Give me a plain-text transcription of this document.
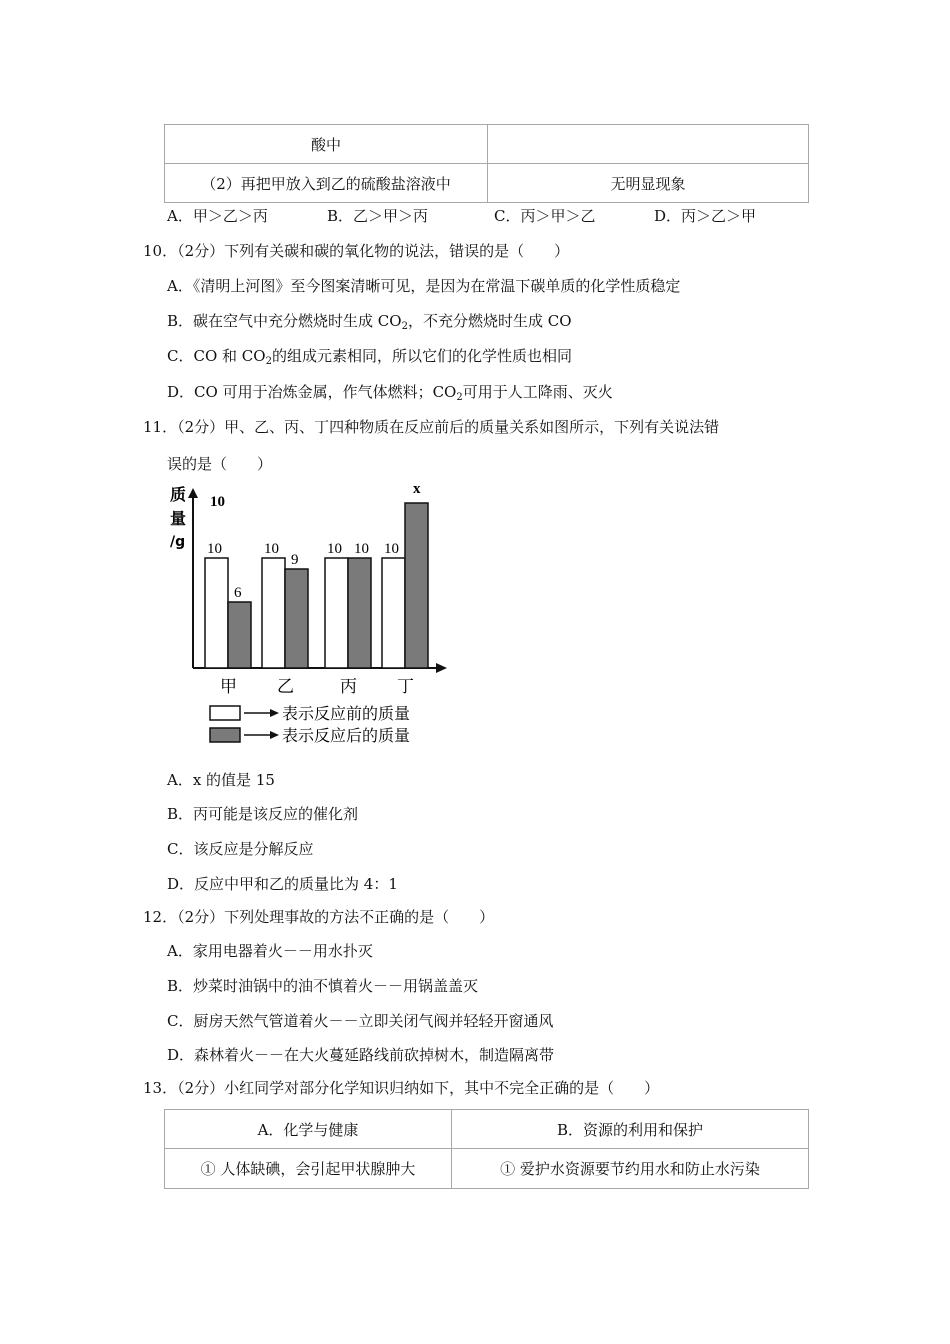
酸中	
（2）再把甲放入到乙的硫酸盐溶液中	无明显现象
A．甲＞乙＞丙	B．乙＞甲＞丙	C．丙＞甲＞乙	D．丙＞乙＞甲
10．（2分）下列有关碳和碳的氧化物的说法，错误的是（　　）
A．《清明上河图》至今图案清晰可见，是因为在常温下碳单质的化学性质稳定
B．碳在空气中充分燃烧时生成 $CO_2$，不充分燃烧时生成 CO
C．CO 和 $CO_2$的组成元素相同，所以它们的化学性质也相同
D．CO 可用于冶炼金属，作气体燃料；$CO_2$可用于人工降雨、灭火
11．（2分）甲、乙、丙、丁四种物质在反应前后的质量关系如图所示，下列有关说法错
误的是（　　）
质
量
/g
10
10
6
10
9
10 10 10
x
甲 乙	丙 丁
表示反应前的质量
表示反应后的质量
A．x 的值是 15
B．丙可能是该反应的催化剂
C．该反应是分解反应
D．反应中甲和乙的质量比为 4：1
12．（2分）下列处理事故的方法不正确的是（　　）
A．家用电器着火－－用水扑灭
B．炒菜时油锅中的油不慎着火－－用锅盖盖灭
C．厨房天然气管道着火－－立即关闭气阀并轻轻开窗通风
D．森林着火－－在大火蔓延路线前砍掉树木，制造隔离带
13．（2分）小红同学对部分化学知识归纳如下，其中不完全正确的是（　　）
A．化学与健康	B．资源的利用和保护
① 人体缺碘，会引起甲状腺肿大	① 爱护水资源要节约用水和防止水污染
